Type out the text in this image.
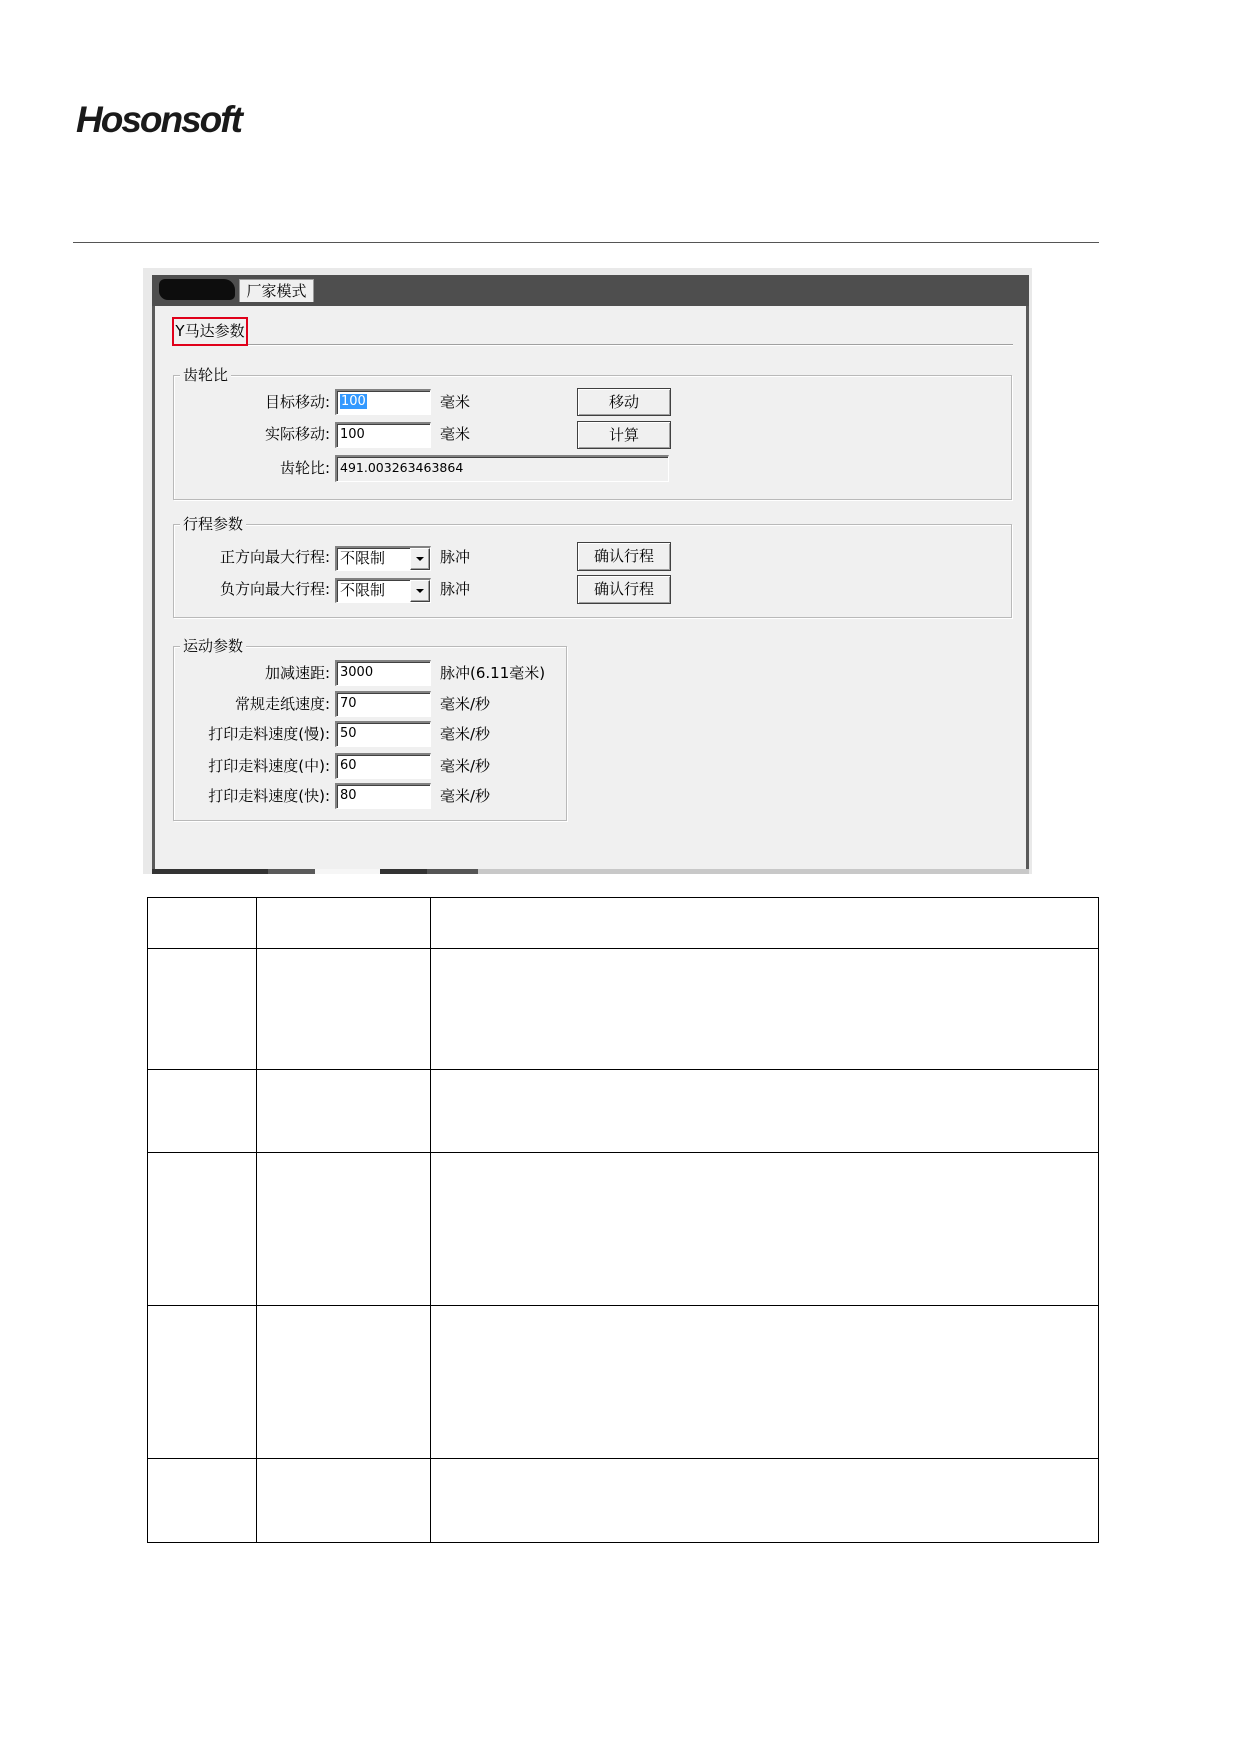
Hosonsoft
厂家模式
Y马达参数
齿轮比
目标移动: 100	毫米	移动
实际移动: 100	毫米	计算
齿轮比: 491.003263463864
行程参数
正方向最大行程: 不限制	脉冲	确认行程
负方向最大行程: 不限制	脉冲	确认行程
运动参数
加减速距: 3000	脉冲(6.11毫米)
常规走纸速度: 70	毫米/秒
打印走料速度(慢): 50	毫米/秒
打印走料速度(中): 60	毫米/秒
打印走料速度(快): 80	毫米/秒
